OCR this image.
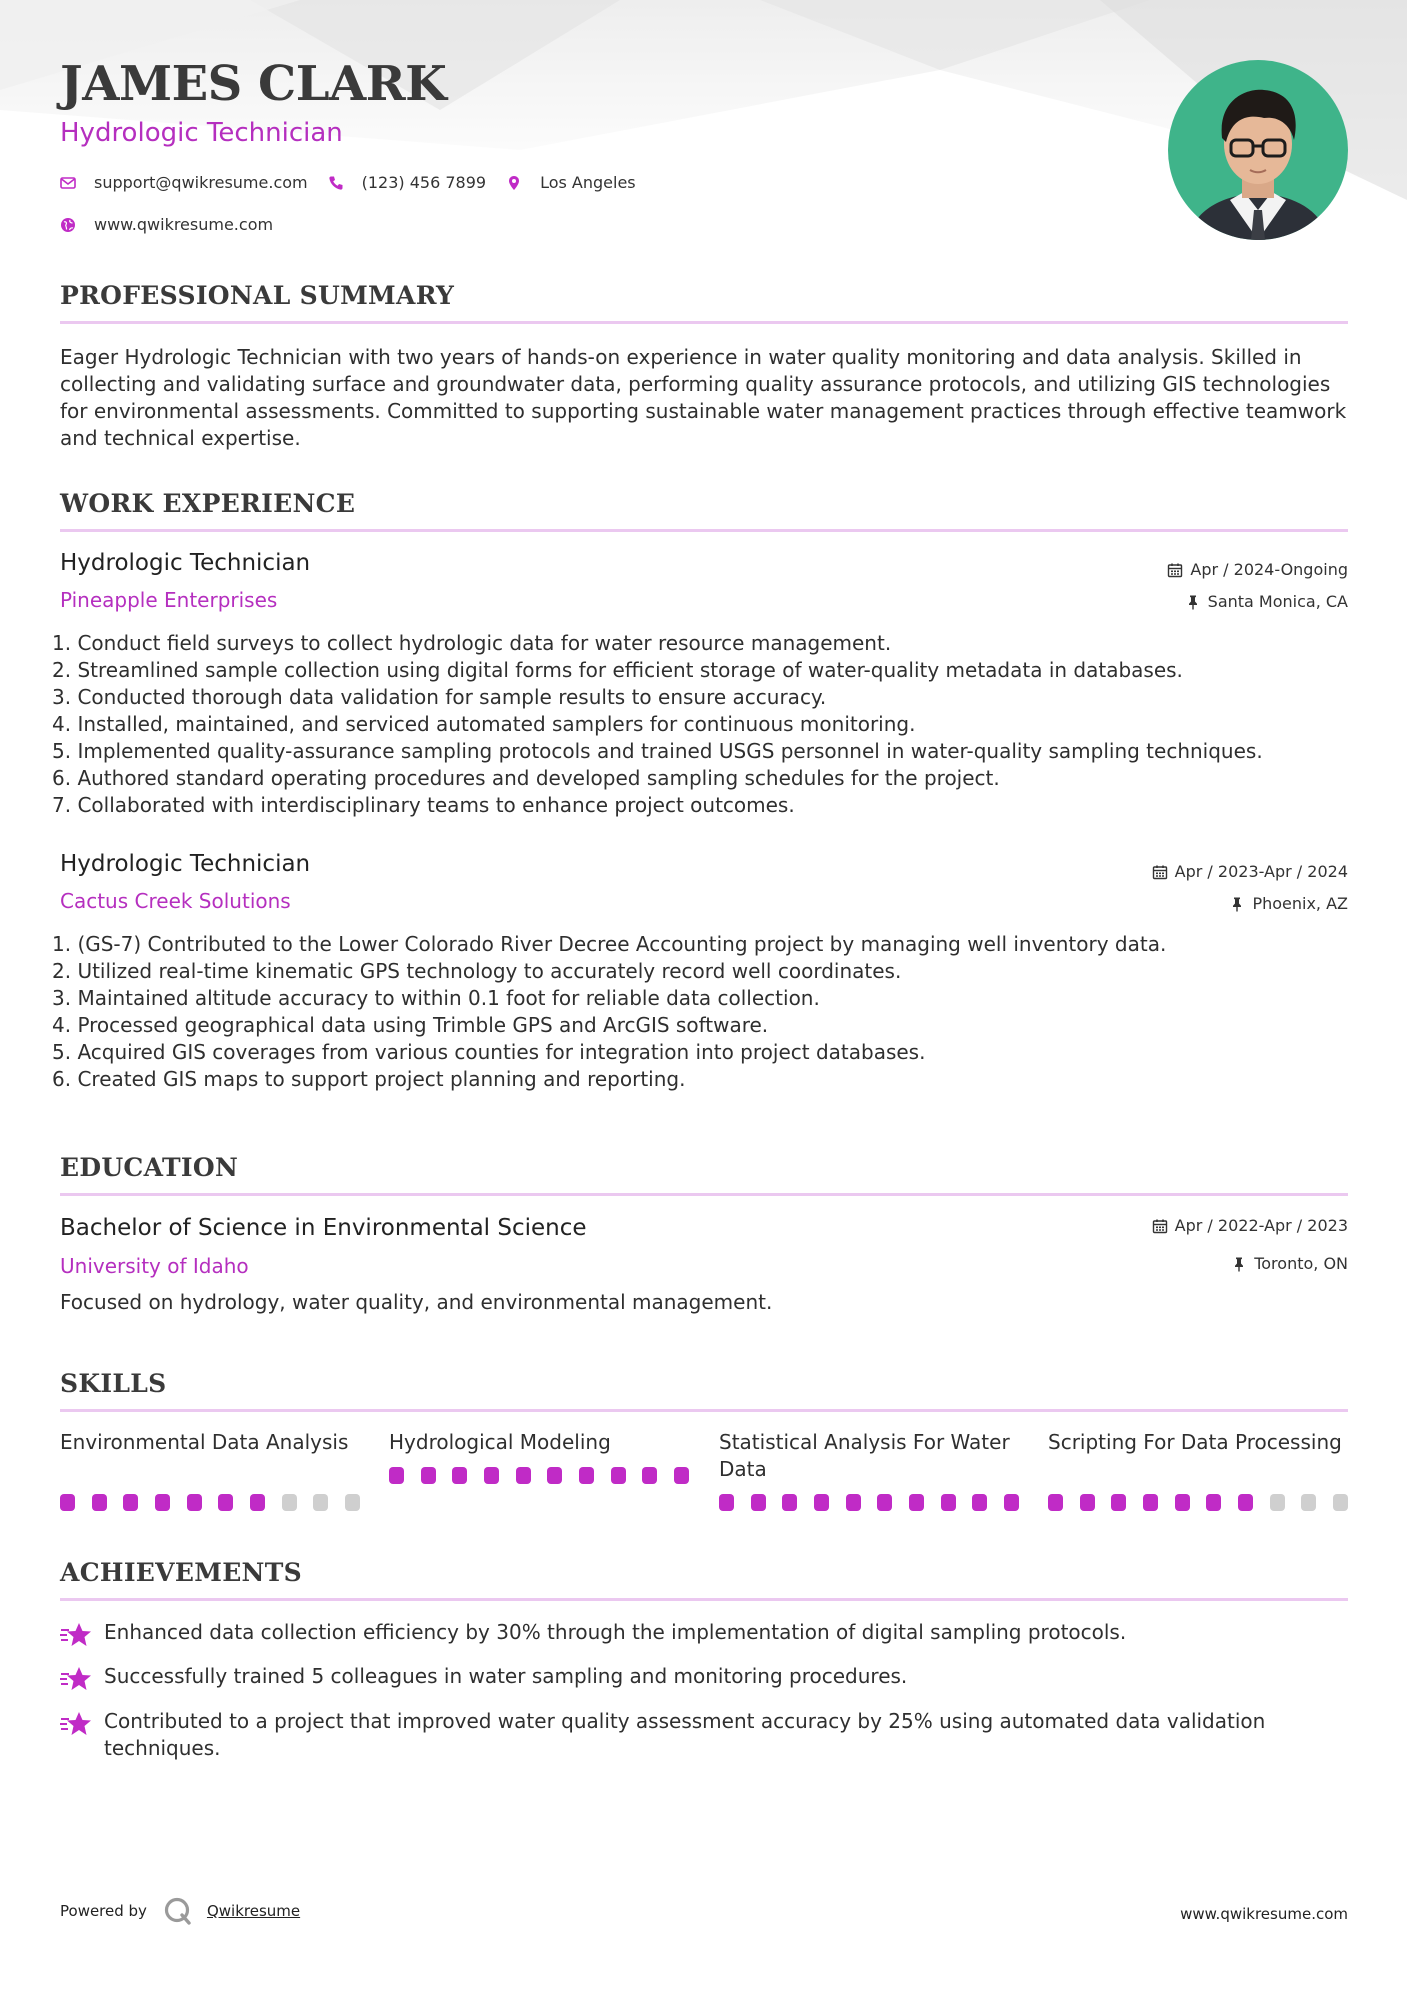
JAMES CLARK
Hydrologic Technician
support@qwikresume.com	(123) 456 7899	Los Angeles
www.qwikresume.com
PROFESSIONAL SUMMARY

Eager Hydrologic Technician with two years of hands-on experience in water quality monitoring and data analysis. Skilled in collecting and validating surface and groundwater data, performing quality assurance protocols, and utilizing GIS technologies for environmental assessments. Committed to supporting sustainable water management practices through effective teamwork and technical expertise.

WORK EXPERIENCE
Hydrologic Technician	Apr / 2024-Ongoing
Pineapple Enterprises	Santa Monica, CA
1. Conduct field surveys to collect hydrologic data for water resource management.
2. Streamlined sample collection using digital forms for efficient storage of water-quality metadata in databases.
3. Conducted thorough data validation for sample results to ensure accuracy.
4. Installed, maintained, and serviced automated samplers for continuous monitoring.
5. Implemented quality-assurance sampling protocols and trained USGS personnel in water-quality sampling techniques.
6. Authored standard operating procedures and developed sampling schedules for the project.
7. Collaborated with interdisciplinary teams to enhance project outcomes.
Hydrologic Technician	Apr / 2023-Apr / 2024
Cactus Creek Solutions	Phoenix, AZ
1. (GS-7) Contributed to the Lower Colorado River Decree Accounting project by managing well inventory data.
2. Utilized real-time kinematic GPS technology to accurately record well coordinates.
3. Maintained altitude accuracy to within 0.1 foot for reliable data collection.
4. Processed geographical data using Trimble GPS and ArcGIS software.
5. Acquired GIS coverages from various counties for integration into project databases.
6. Created GIS maps to support project planning and reporting.
EDUCATION
Bachelor of Science in Environmental Science	Apr / 2022-Apr / 2023
University of Idaho	Toronto, ON

Focused on hydrology, water quality, and environmental management.

SKILLS
Environmental Data Analysis	Hydrological Modeling	Statistical Analysis For Water Data
Scripting For Data Processing
ACHIEVEMENTS
Enhanced data collection efficiency by 30% through the implementation of digital sampling protocols.
Successfully trained 5 colleagues in water sampling and monitoring procedures.
Contributed to a project that improved water quality assessment accuracy by 25% using automated data validation techniques.
Powered by	Qwikresume	www.qwikresume.com
